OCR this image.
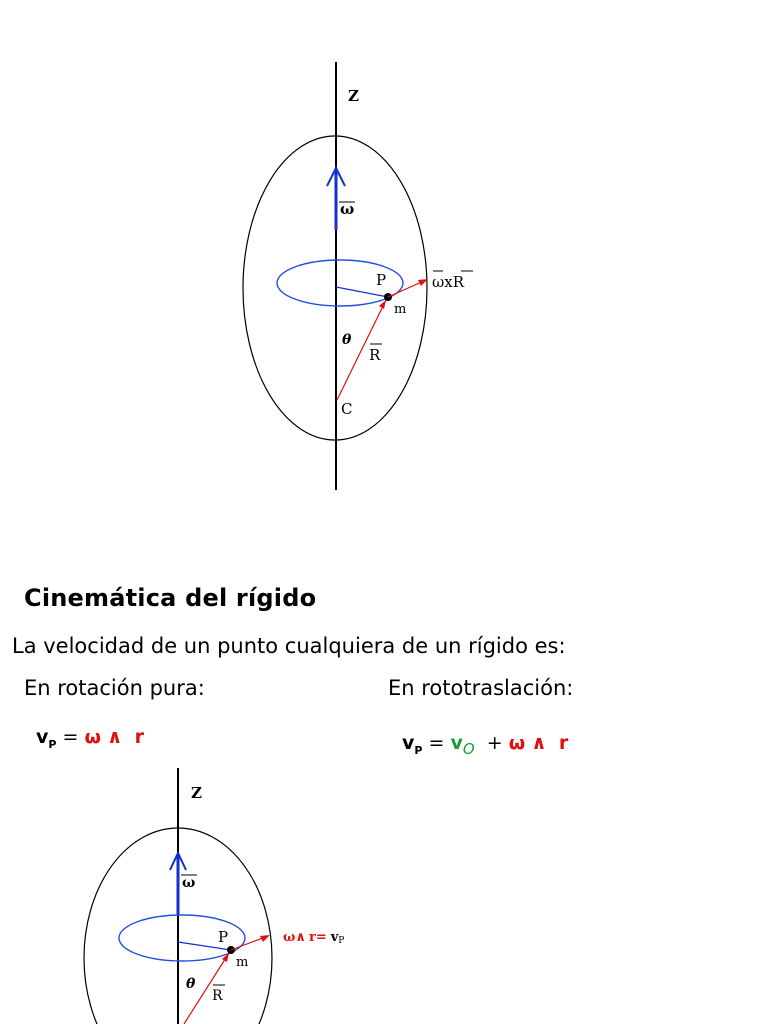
Z
ω
P
m
R
θ
C
ωxR
Cinemática del rígido
La velocidad de un punto cualquiera de un rígido es:
En rotación pura:	En rototraslación:
$v_P = \omega$ ∧ r	$v_P = v_O + \omega$ ∧ r
Z
ω
P
m
R
θ
ω∧ r= vP
